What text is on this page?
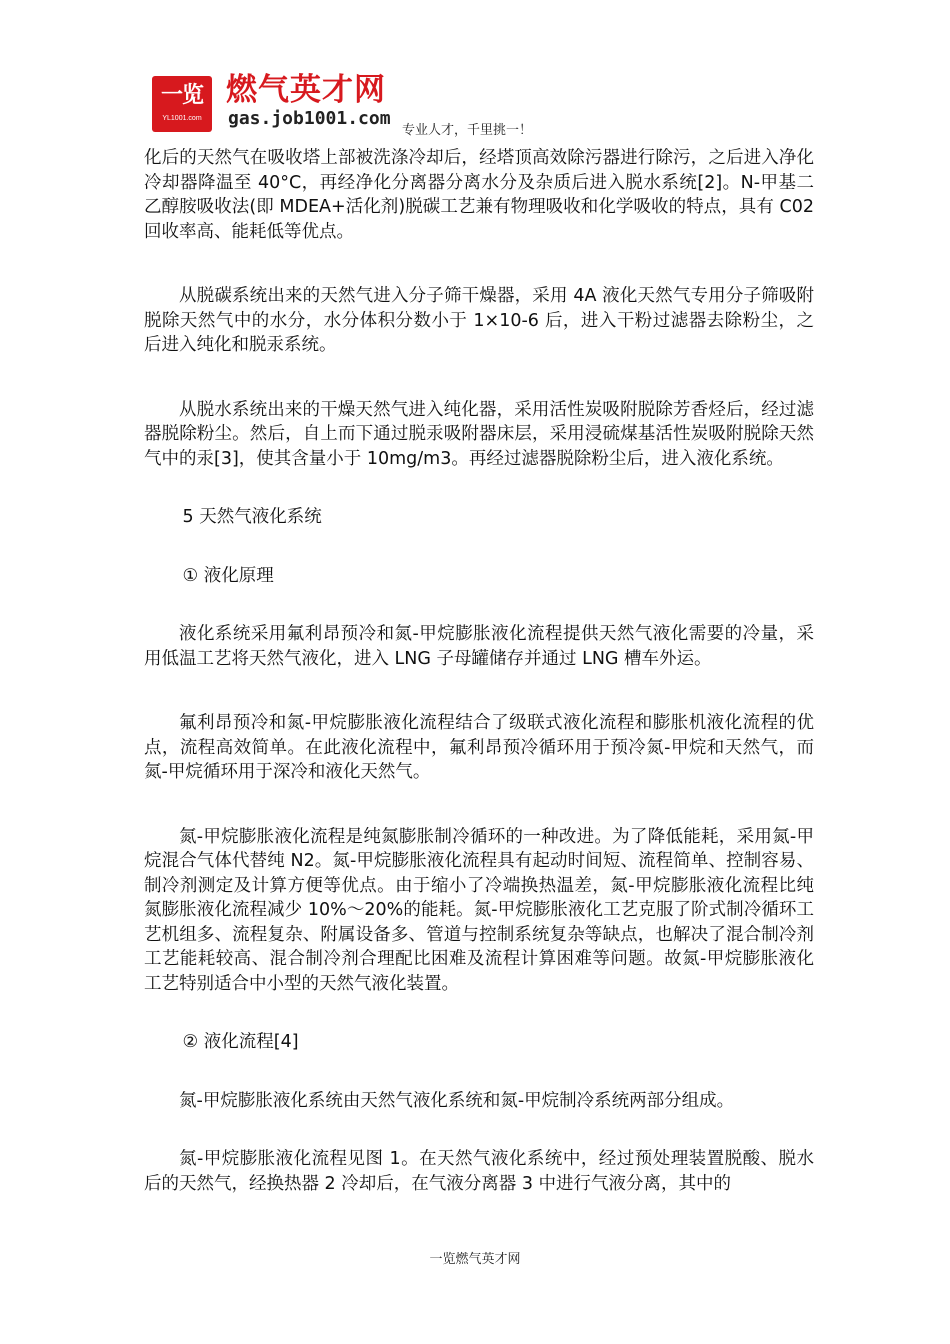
一览
YL1001.com
燃气英才网
gas.job1001.com
专业人才，千里挑一！

化后的天然气在吸收塔上部被洗涤冷却后，经塔顶高效除污器进行除污，之后进入净化冷却器降温至 40°C，再经净化分离器分离水分及杂质后进入脱水系统[2]。N-甲基二乙醇胺吸收法(即 MDEA+活化剂)脱碳工艺兼有物理吸收和化学吸收的特点，具有 C02 回收率高、能耗低等优点。

从脱碳系统出来的天然气进入分子筛干燥器，采用 4A 液化天然气专用分子筛吸附脱除天然气中的水分，水分体积分数小于 1×10-6 后，进入干粉过滤器去除粉尘，之后进入纯化和脱汞系统。

从脱水系统出来的干燥天然气进入纯化器，采用活性炭吸附脱除芳香烃后，经过滤器脱除粉尘。然后，自上而下通过脱汞吸附器床层，采用浸硫煤基活性炭吸附脱除天然气中的汞[3]，使其含量小于 10mg/m3。再经过滤器脱除粉尘后，进入液化系统。

5 天然气液化系统

① 液化原理

液化系统采用氟利昂预冷和氮-甲烷膨胀液化流程提供天然气液化需要的冷量，采用低温工艺将天然气液化，进入 LNG 子母罐储存并通过 LNG 槽车外运。

氟利昂预冷和氮-甲烷膨胀液化流程结合了级联式液化流程和膨胀机液化流程的优点，流程高效简单。在此液化流程中，氟利昂预冷循环用于预冷氮-甲烷和天然气，而氮-甲烷循环用于深冷和液化天然气。

氮-甲烷膨胀液化流程是纯氮膨胀制冷循环的一种改进。为了降低能耗，采用氮-甲烷混合气体代替纯 N2。氮-甲烷膨胀液化流程具有起动时间短、流程简单、控制容易、制冷剂测定及计算方便等优点。由于缩小了冷端换热温差，氮-甲烷膨胀液化流程比纯氮膨胀液化流程减少 10%～20%的能耗。氮-甲烷膨胀液化工艺克服了阶式制冷循环工艺机组多、流程复杂、附属设备多、管道与控制系统复杂等缺点，也解决了混合制冷剂工艺能耗较高、混合制冷剂合理配比困难及流程计算困难等问题。故氮-甲烷膨胀液化工艺特别适合中小型的天然气液化装置。

② 液化流程[4]

氮-甲烷膨胀液化系统由天然气液化系统和氮-甲烷制冷系统两部分组成。

氮-甲烷膨胀液化流程见图 1。在天然气液化系统中，经过预处理装置脱酸、脱水后的天然气，经换热器 2 冷却后，在气液分离器 3 中进行气液分离，其中的

一览燃气英才网
